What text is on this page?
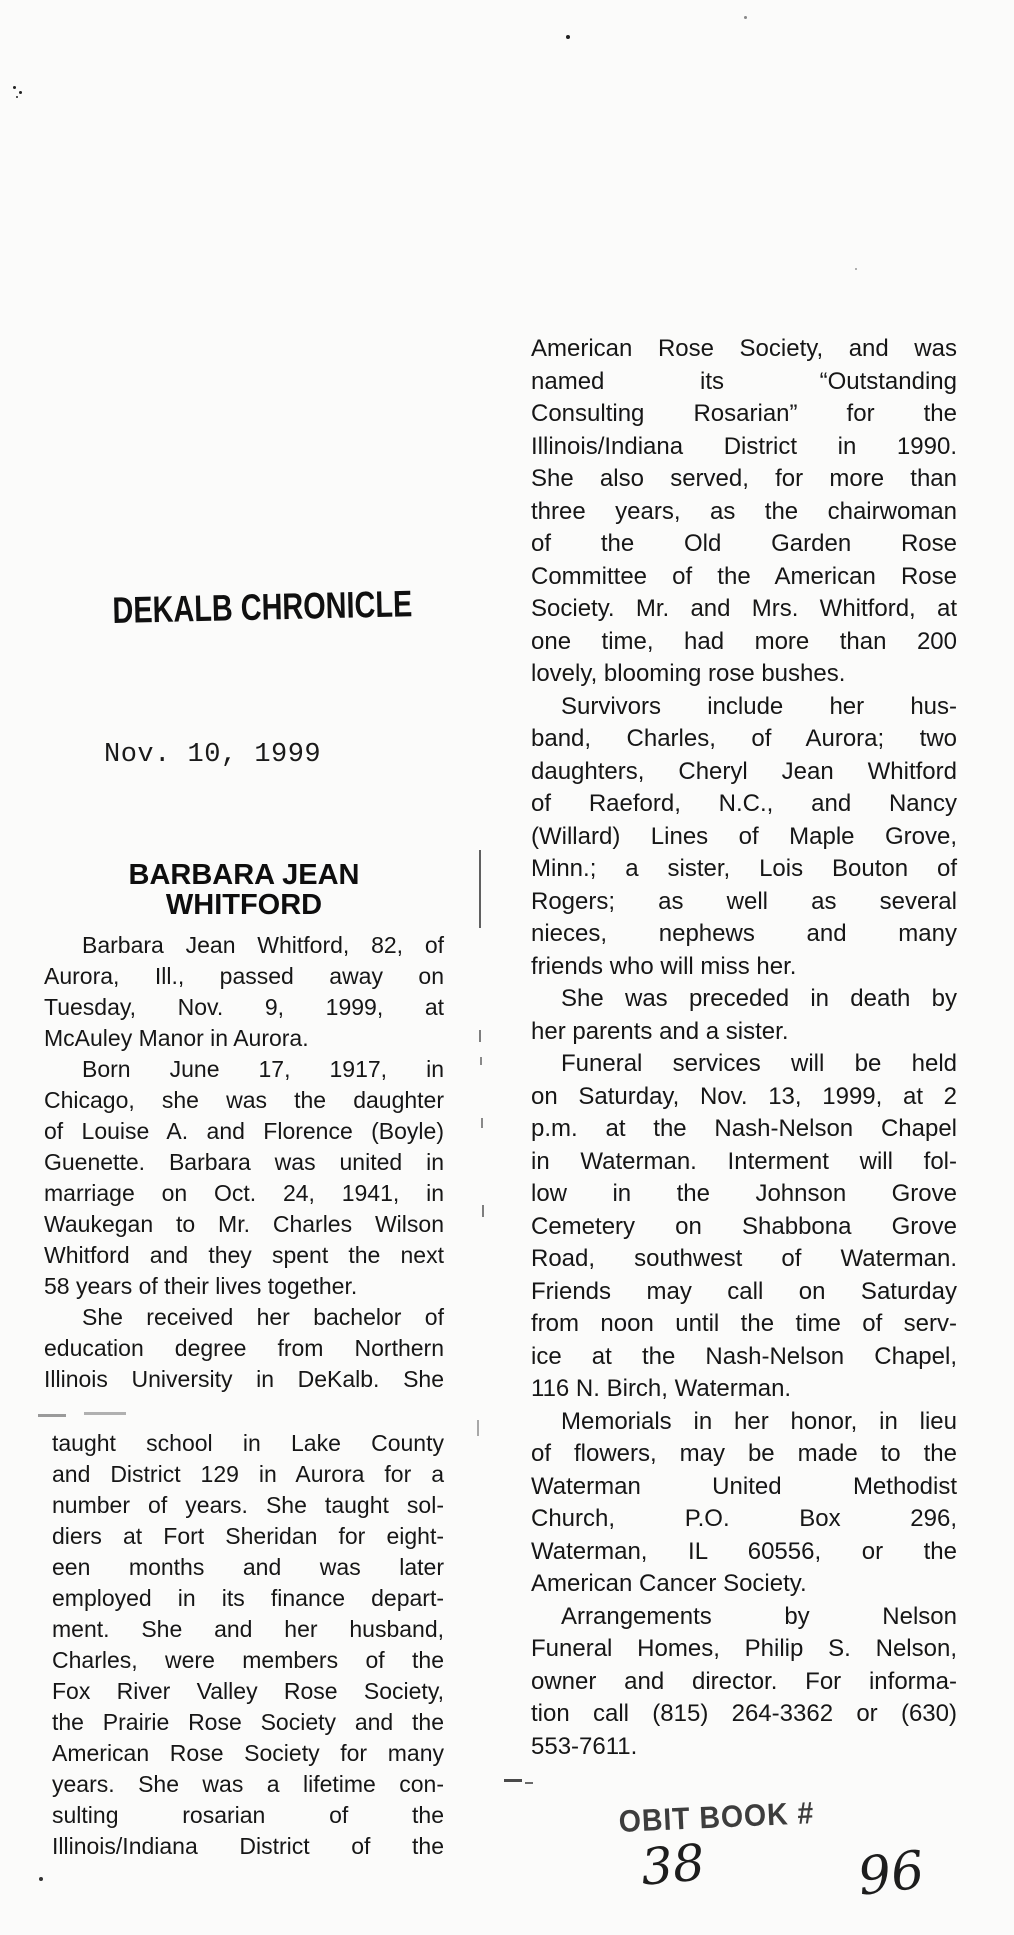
DEKALB CHRONICLE
Nov. 10, 1999
BARBARA JEAN
WHITFORD
Barbara Jean Whitford, 82, of
Aurora, Ill., passed away on
Tuesday, Nov. 9, 1999, at
McAuley Manor in Aurora.
Born June 17, 1917, in
Chicago, she was the daughter
of Louise A. and Florence (Boyle)
Guenette. Barbara was united in
marriage on Oct. 24, 1941, in
Waukegan to Mr. Charles Wilson
Whitford and they spent the next
58 years of their lives together.
She received her bachelor of
education degree from Northern
Illinois University in DeKalb. She
taught school in Lake County
and District 129 in Aurora for a
number of years. She taught sol-
diers at Fort Sheridan for eight-
een months and was later
employed in its finance depart-
ment. She and her husband,
Charles, were members of the
Fox River Valley Rose Society,
the Prairie Rose Society and the
American Rose Society for many
years. She was a lifetime con-
sulting rosarian of the
Illinois/Indiana District of the
American Rose Society, and was
named its “Outstanding
Consulting Rosarian” for the
Illinois/Indiana District in 1990.
She also served, for more than
three years, as the chairwoman
of the Old Garden Rose
Committee of the American Rose
Society. Mr. and Mrs. Whitford, at
one time, had more than 200
lovely, blooming rose bushes.
Survivors include her hus-
band, Charles, of Aurora; two
daughters, Cheryl Jean Whitford
of Raeford, N.C., and Nancy
(Willard) Lines of Maple Grove,
Minn.; a sister, Lois Bouton of
Rogers; as well as several
nieces, nephews and many
friends who will miss her.
She was preceded in death by
her parents and a sister.
Funeral services will be held
on Saturday, Nov. 13, 1999, at 2
p.m. at the Nash-Nelson Chapel
in Waterman. Interment will fol-
low in the Johnson Grove
Cemetery on Shabbona Grove
Road, southwest of Waterman.
Friends may call on Saturday
from noon until the time of serv-
ice at the Nash-Nelson Chapel,
116 N. Birch, Waterman.
Memorials in her honor, in lieu
of flowers, may be made to the
Waterman United Methodist
Church, P.O. Box 296,
Waterman, IL 60556, or the
American Cancer Society.
Arrangements by Nelson
Funeral Homes, Philip S. Nelson,
owner and director. For informa-
tion call (815) 264-3362 or (630)
553-7611.
OBIT BOOK #
38	96
